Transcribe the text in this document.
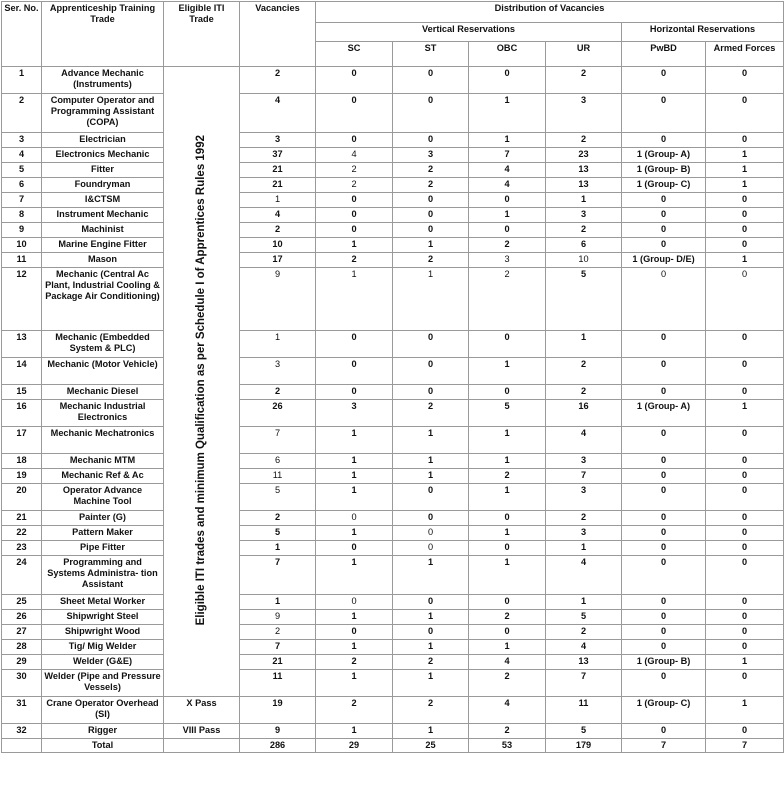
Ser. No.	Apprenticeship Training Trade	Eligible ITI Trade	Vacancies	Distribution of Vacancies					
				Vertical Reservations				Horizontal Reservations	
				SC	ST	OBC	UR	PwBD	Armed Forces
1	Advance Mechanic (Instruments)	Eligible ITI trades and minimum Qualification as per Schedule I of Apprentices Rules 1992	2	0	0	0	2	0	0
2	Computer Operator and Programming Assistant (COPA)		4	0	0	1	3	0	0
3	Electrician		3	0	0	1	2	0	0
4	Electronics Mechanic		37	4	3	7	23	1 (Group- A)	1
5	Fitter		21	2	2	4	13	1 (Group- B)	1
6	Foundryman		21	2	2	4	13	1 (Group- C)	1
7	I&CTSM		1	0	0	0	1	0	0
8	Instrument Mechanic		4	0	0	1	3	0	0
9	Machinist		2	0	0	0	2	0	0
10	Marine Engine Fitter		10	1	1	2	6	0	0
11	Mason		17	2	2	3	10	1 (Group- D/E)	1
12	Mechanic (Central Ac Plant, Industrial Cooling & Package Air Conditioning)		9	1	1	2	5	0	0
13	Mechanic (Embedded System & PLC)		1	0	0	0	1	0	0
14	Mechanic (Motor Vehicle)		3	0	0	1	2	0	0
15	Mechanic Diesel		2	0	0	0	2	0	0
16	Mechanic Industrial Electronics		26	3	2	5	16	1 (Group- A)	1
17	Mechanic Mechatronics		7	1	1	1	4	0	0
18	Mechanic MTM		6	1	1	1	3	0	0
19	Mechanic Ref & Ac		11	1	1	2	7	0	0
20	Operator Advance Machine Tool		5	1	0	1	3	0	0
21	Painter (G)		2	0	0	0	2	0	0
22	Pattern Maker		5	1	0	1	3	0	0
23	Pipe Fitter		1	0	0	0	1	0	0
24	Programming and Systems Administra- tion Assistant		7	1	1	1	4	0	0
25	Sheet Metal Worker		1	0	0	0	1	0	0
26	Shipwright Steel		9	1	1	2	5	0	0
27	Shipwright Wood		2	0	0	0	2	0	0
28	Tig/ Mig Welder		7	1	1	1	4	0	0
29	Welder (G&E)		21	2	2	4	13	1 (Group- B)	1
30	Welder (Pipe and Pressure Vessels)		11	1	1	2	7	0	0
31	Crane Operator Overhead (SI)	X Pass	19	2	2	4	11	1 (Group- C)	1
32	Rigger	VIII Pass	9	1	1	2	5	0	0
	Total		286	29	25	53	179	7	7
